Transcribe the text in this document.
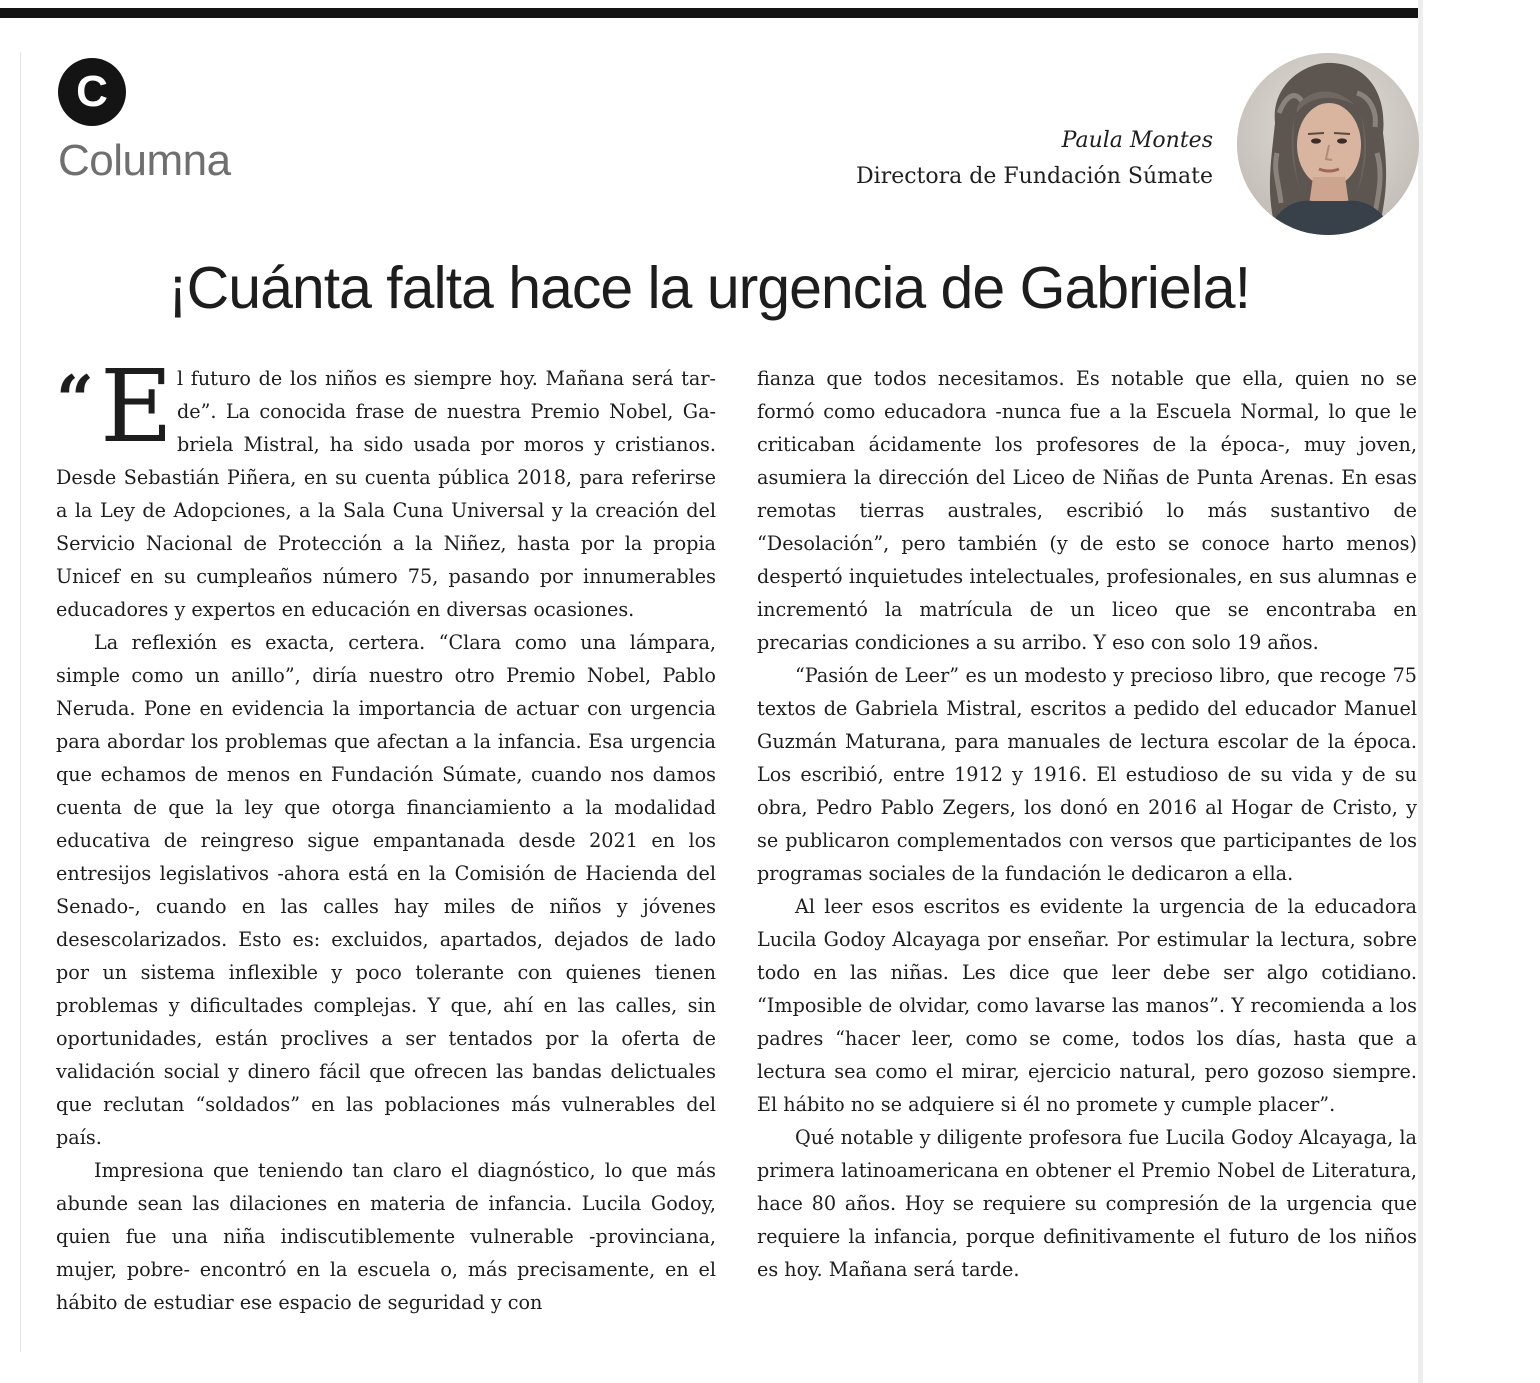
C
Columna	Paula Montes
Directora de Fundación Súmate
¡Cuánta falta hace la urgencia de Gabriela!

“ E l futuro de los niños es siempre hoy. Mañana será tarde”. La conocida frase de nuestra Premio Nobel, Gabriela Mistral, ha sido usada por moros y cristianos. Desde Sebastián Piñera, en su cuenta pública 2018, para referirse a la Ley de Adopciones, a la Sala Cuna Universal y la creación del Servicio Nacional de Protección a la Niñez, hasta por la propia Unicef en su cumpleaños número 75, pasando por innumerables educadores y expertos en educación en diversas ocasiones.

La reflexión es exacta, certera. “Clara como una lámpara, simple como un anillo”, diría nuestro otro Premio Nobel, Pablo Neruda. Pone en evidencia la importancia de actuar con urgencia para abordar los problemas que afectan a la infancia. Esa urgencia que echamos de menos en Fundación Súmate, cuando nos damos cuenta de que la ley que otorga financiamiento a la modalidad educativa de reingreso sigue empantanada desde 2021 en los entresijos legislativos -ahora está en la Comisión de Hacienda del Senado-, cuando en las calles hay miles de niños y jóvenes desescolarizados. Esto es: excluidos, apartados, dejados de lado por un sistema inflexible y poco tolerante con quienes tienen problemas y dificultades complejas. Y que, ahí en las calles, sin oportunidades, están proclives a ser tentados por la oferta de validación social y dinero fácil que ofrecen las bandas delictuales que reclutan “soldados” en las poblaciones más vulnerables del país.

Impresiona que teniendo tan claro el diagnóstico, lo que más abunde sean las dilaciones en materia de infancia. Lucila Godoy, quien fue una niña indiscutiblemente vulnerable -provinciana, mujer, pobre- encontró en la escuela o, más precisamente, en el hábito de estudiar ese espacio de seguridad y con

fianza que todos necesitamos. Es notable que ella, quien no se formó como educadora -nunca fue a la Escuela Normal, lo que le criticaban ácidamente los profesores de la época-, muy joven, asumiera la dirección del Liceo de Niñas de Punta Arenas. En esas remotas tierras australes, escribió lo más sustantivo de “Desolación”, pero también (y de esto se conoce harto menos) despertó inquietudes intelectuales, profesionales, en sus alumnas e incrementó la matrícula de un liceo que se encontraba en precarias condiciones a su arribo. Y eso con solo 19 años.

“Pasión de Leer” es un modesto y precioso libro, que recoge 75 textos de Gabriela Mistral, escritos a pedido del educador Manuel Guzmán Maturana, para manuales de lectura escolar de la época. Los escribió, entre 1912 y 1916. El estudioso de su vida y de su obra, Pedro Pablo Zegers, los donó en 2016 al Hogar de Cristo, y se publicaron complementados con versos que participantes de los programas sociales de la fundación le dedicaron a ella.

Al leer esos escritos es evidente la urgencia de la educadora Lucila Godoy Alcayaga por enseñar. Por estimular la lectura, sobre todo en las niñas. Les dice que leer debe ser algo cotidiano. “Imposible de olvidar, como lavarse las manos”. Y recomienda a los padres “hacer leer, como se come, todos los días, hasta que a lectura sea como el mirar, ejercicio natural, pero gozoso siempre. El hábito no se adquiere si él no promete y cumple placer”.

Qué notable y diligente profesora fue Lucila Godoy Alcayaga, la primera latinoamericana en obtener el Premio Nobel de Literatura, hace 80 años. Hoy se requiere su compresión de la urgencia que requiere la infancia, porque definitivamente el futuro de los niños es hoy. Mañana será tarde.
